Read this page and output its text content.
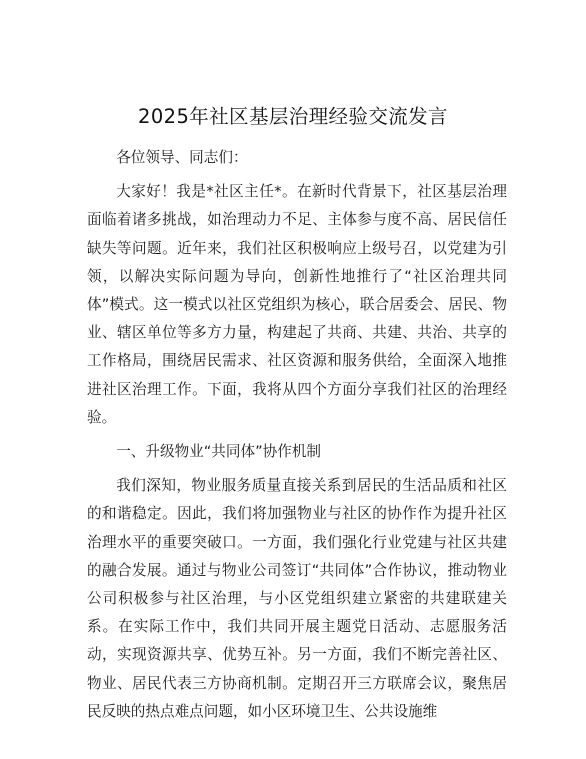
2025年社区基层治理经验交流发言

各位领导、同志们：

大家好！我是*社区主任*。在新时代背景下，社区基层治理面临着诸多挑战，如治理动力不足、主体参与度不高、居民信任缺失等问题。近年来，我们社区积极响应上级号召，以党建为引领，以解决实际问题为导向，创新性地推行了“社区治理共同体”模式。这一模式以社区党组织为核心，联合居委会、居民、物业、辖区单位等多方力量，构建起了共商、共建、共治、共享的工作格局，围绕居民需求、社区资源和服务供给，全面深入地推进社区治理工作。下面，我将从四个方面分享我们社区的治理经验。

一、升级物业“共同体”协作机制

我们深知，物业服务质量直接关系到居民的生活品质和社区的和谐稳定。因此，我们将加强物业与社区的协作作为提升社区治理水平的重要突破口。一方面，我们强化行业党建与社区共建的融合发展。通过与物业公司签订“共同体”合作协议，推动物业公司积极参与社区治理，与小区党组织建立紧密的共建联建关系。在实际工作中，我们共同开展主题党日活动、志愿服务活动，实现资源共享、优势互补。另一方面，我们不断完善社区、物业、居民代表三方协商机制。定期召开三方联席会议，聚焦居民反映的热点难点问题，如小区环境卫生、公共设施维
